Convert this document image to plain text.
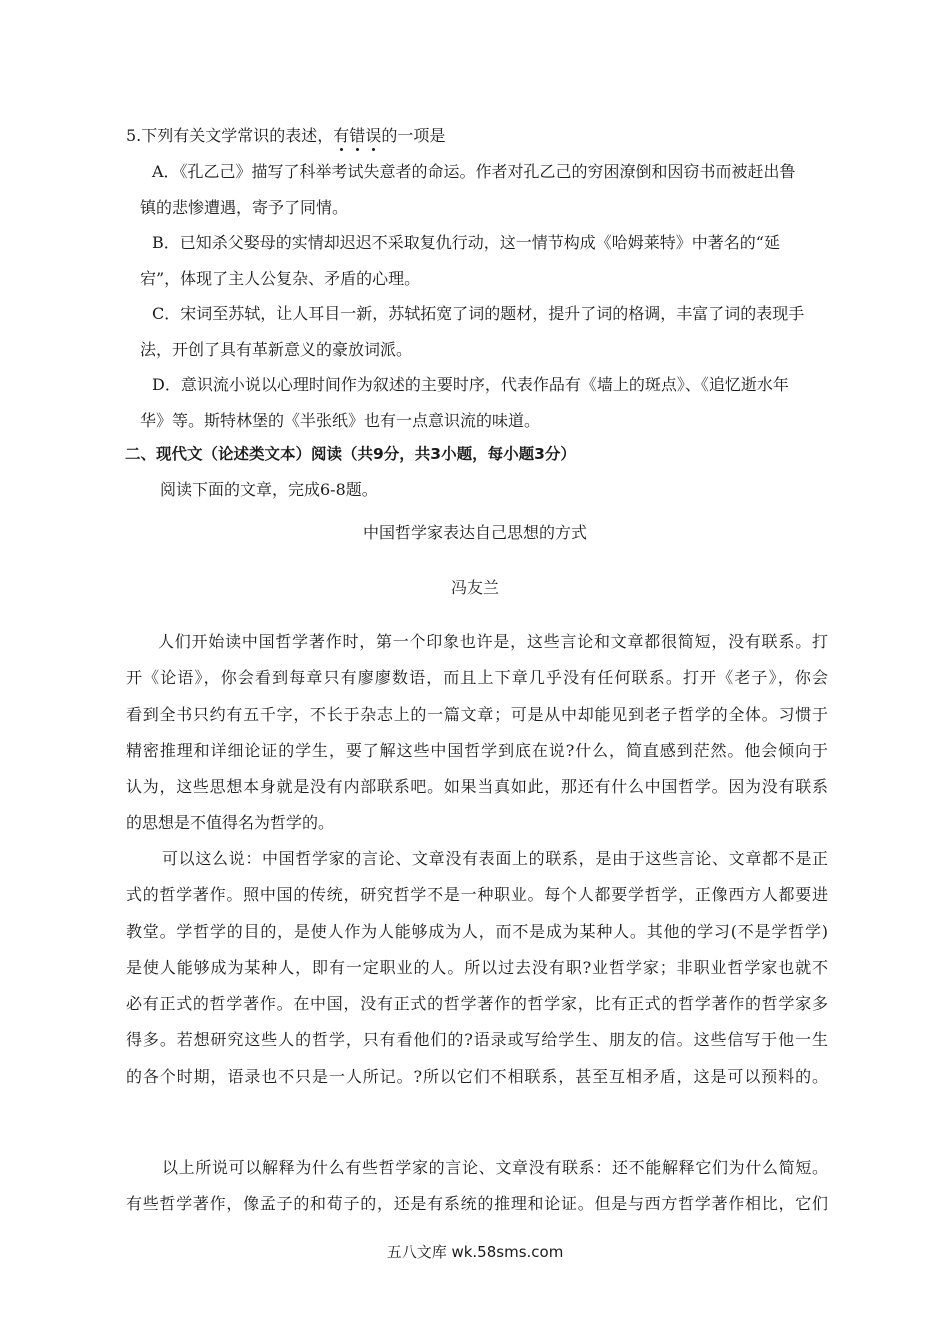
5.下列有关文学常识的表述，有错误的一项是
A．《孔乙己》描写了科举考试失意者的命运。作者对孔乙己的穷困潦倒和因窃书而被赶出鲁
镇的悲惨遭遇，寄予了同情。
B．已知杀父娶母的实情却迟迟不采取复仇行动，这一情节构成《哈姆莱特》中著名的“延
宕”，体现了主人公复杂、矛盾的心理。
C．宋词至苏轼，让人耳目一新，苏轼拓宽了词的题材，提升了词的格调，丰富了词的表现手
法，开创了具有革新意义的豪放词派。
D．意识流小说以心理时间作为叙述的主要时序，代表作品有《墙上的斑点》、《追忆逝水年
华》等。斯特林堡的《半张纸》也有一点意识流的味道。
二、现代文（论述类文本）阅读（共9分，共3小题，每小题3分）
阅读下面的文章，完成6-8题。
中国哲学家表达自己思想的方式
冯友兰
人们开始读中国哲学著作时，第一个印象也许是，这些言论和文章都很简短，没有联系。打
开《论语》，你会看到每章只有廖廖数语，而且上下章几乎没有任何联系。打开《老子》，你会
看到全书只约有五千字，不长于杂志上的一篇文章；可是从中却能见到老子哲学的全体。习惯于
精密推理和详细论证的学生，要了解这些中国哲学到底在说?什么，简直感到茫然。他会倾向于
认为，这些思想本身就是没有内部联系吧。如果当真如此，那还有什么中国哲学。因为没有联系
的思想是不值得名为哲学的。
可以这么说：中国哲学家的言论、文章没有表面上的联系，是由于这些言论、文章都不是正
式的哲学著作。照中国的传统，研究哲学不是一种职业。每个人都要学哲学，正像西方人都要进
教堂。学哲学的目的，是使人作为人能够成为人，而不是成为某种人。其他的学习(不是学哲学)
是使人能够成为某种人，即有一定职业的人。所以过去没有职?业哲学家；非职业哲学家也就不
必有正式的哲学著作。在中国，没有正式的哲学著作的哲学家，比有正式的哲学著作的哲学家多
得多。若想研究这些人的哲学，只有看他们的?语录或写给学生、朋友的信。这些信写于他一生
的各个时期，语录也不只是一人所记。?所以它们不相联系，甚至互相矛盾，这是可以预料的。
以上所说可以解释为什么有些哲学家的言论、文章没有联系：还不能解释它们为什么简短。
有些哲学著作，像孟子的和荀子的，还是有系统的推理和论证。但是与西方哲学著作相比，它们
五八文库 wk.58sms.com
